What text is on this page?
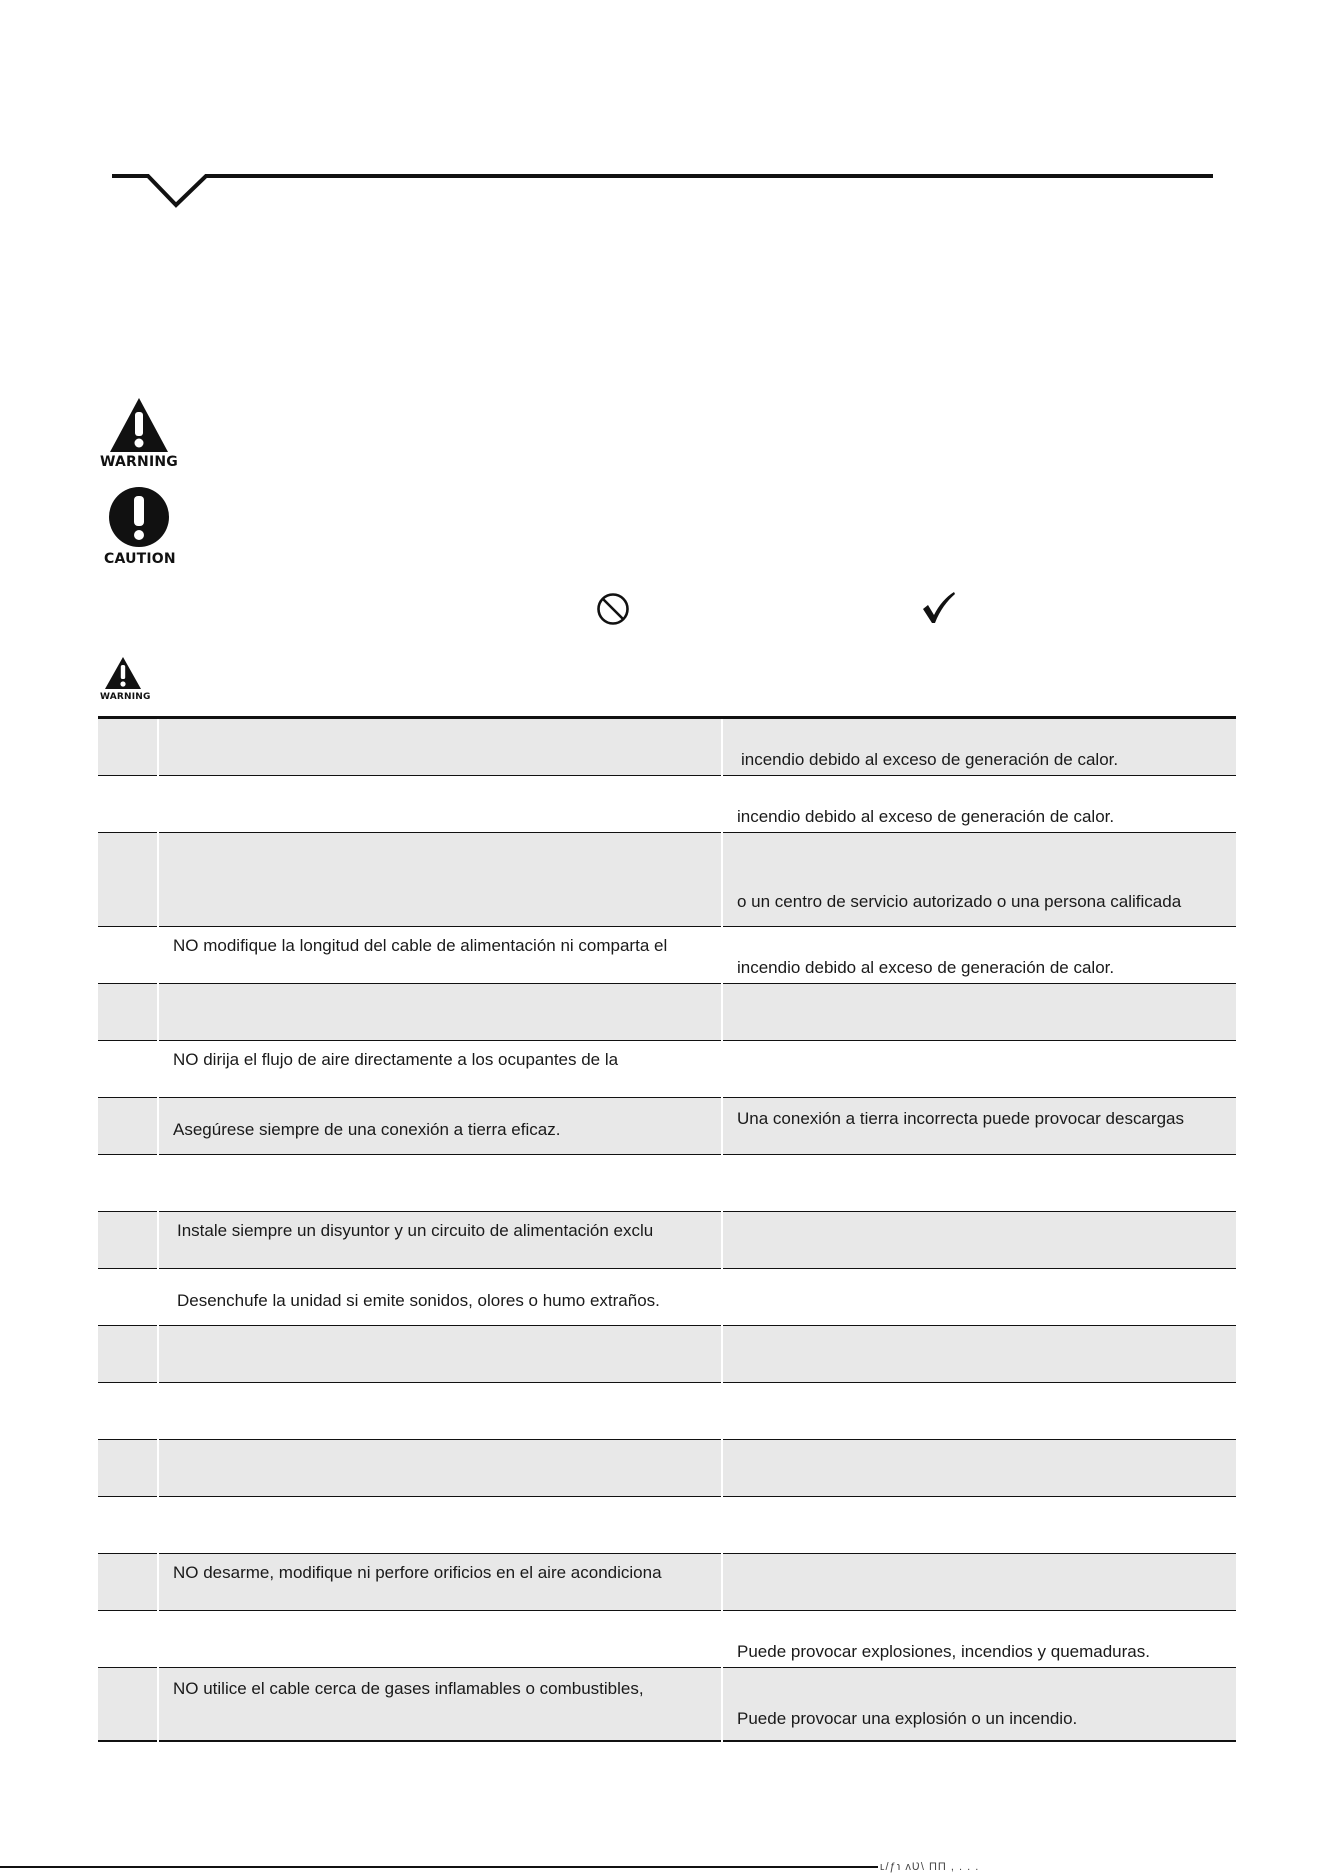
WARNING
CAUTION
WARNING

		incendio debido al exceso de generación de calor.

		incendio debido al exceso de generación de calor.

		o un centro de servicio autorizado o una persona calificada

	NO modifique la longitud del cable de alimentación ni comparta el	incendio debido al exceso de generación de calor.

	NO dirija el flujo de aire directamente a los ocupantes de la	

	Asegúrese siempre de una conexión a tierra eficaz.	Una conexión a tierra incorrecta puede provocar descargas

	Instale siempre un disyuntor y un circuito de alimentación exclu	

	Desenchufe la unidad si emite sonidos, olores o humo extraños.	

	NO desarme, modifique ni perfore orificios en el aire acondiciona	

		Puede provocar explosiones, incendios y quemaduras.

	NO utilice el cable cerca de gases inflamables o combustibles,	Puede provocar una explosión o un incendio.
ʟ/ƒ℩ ʌƲ\ ΠΠ , . . .
